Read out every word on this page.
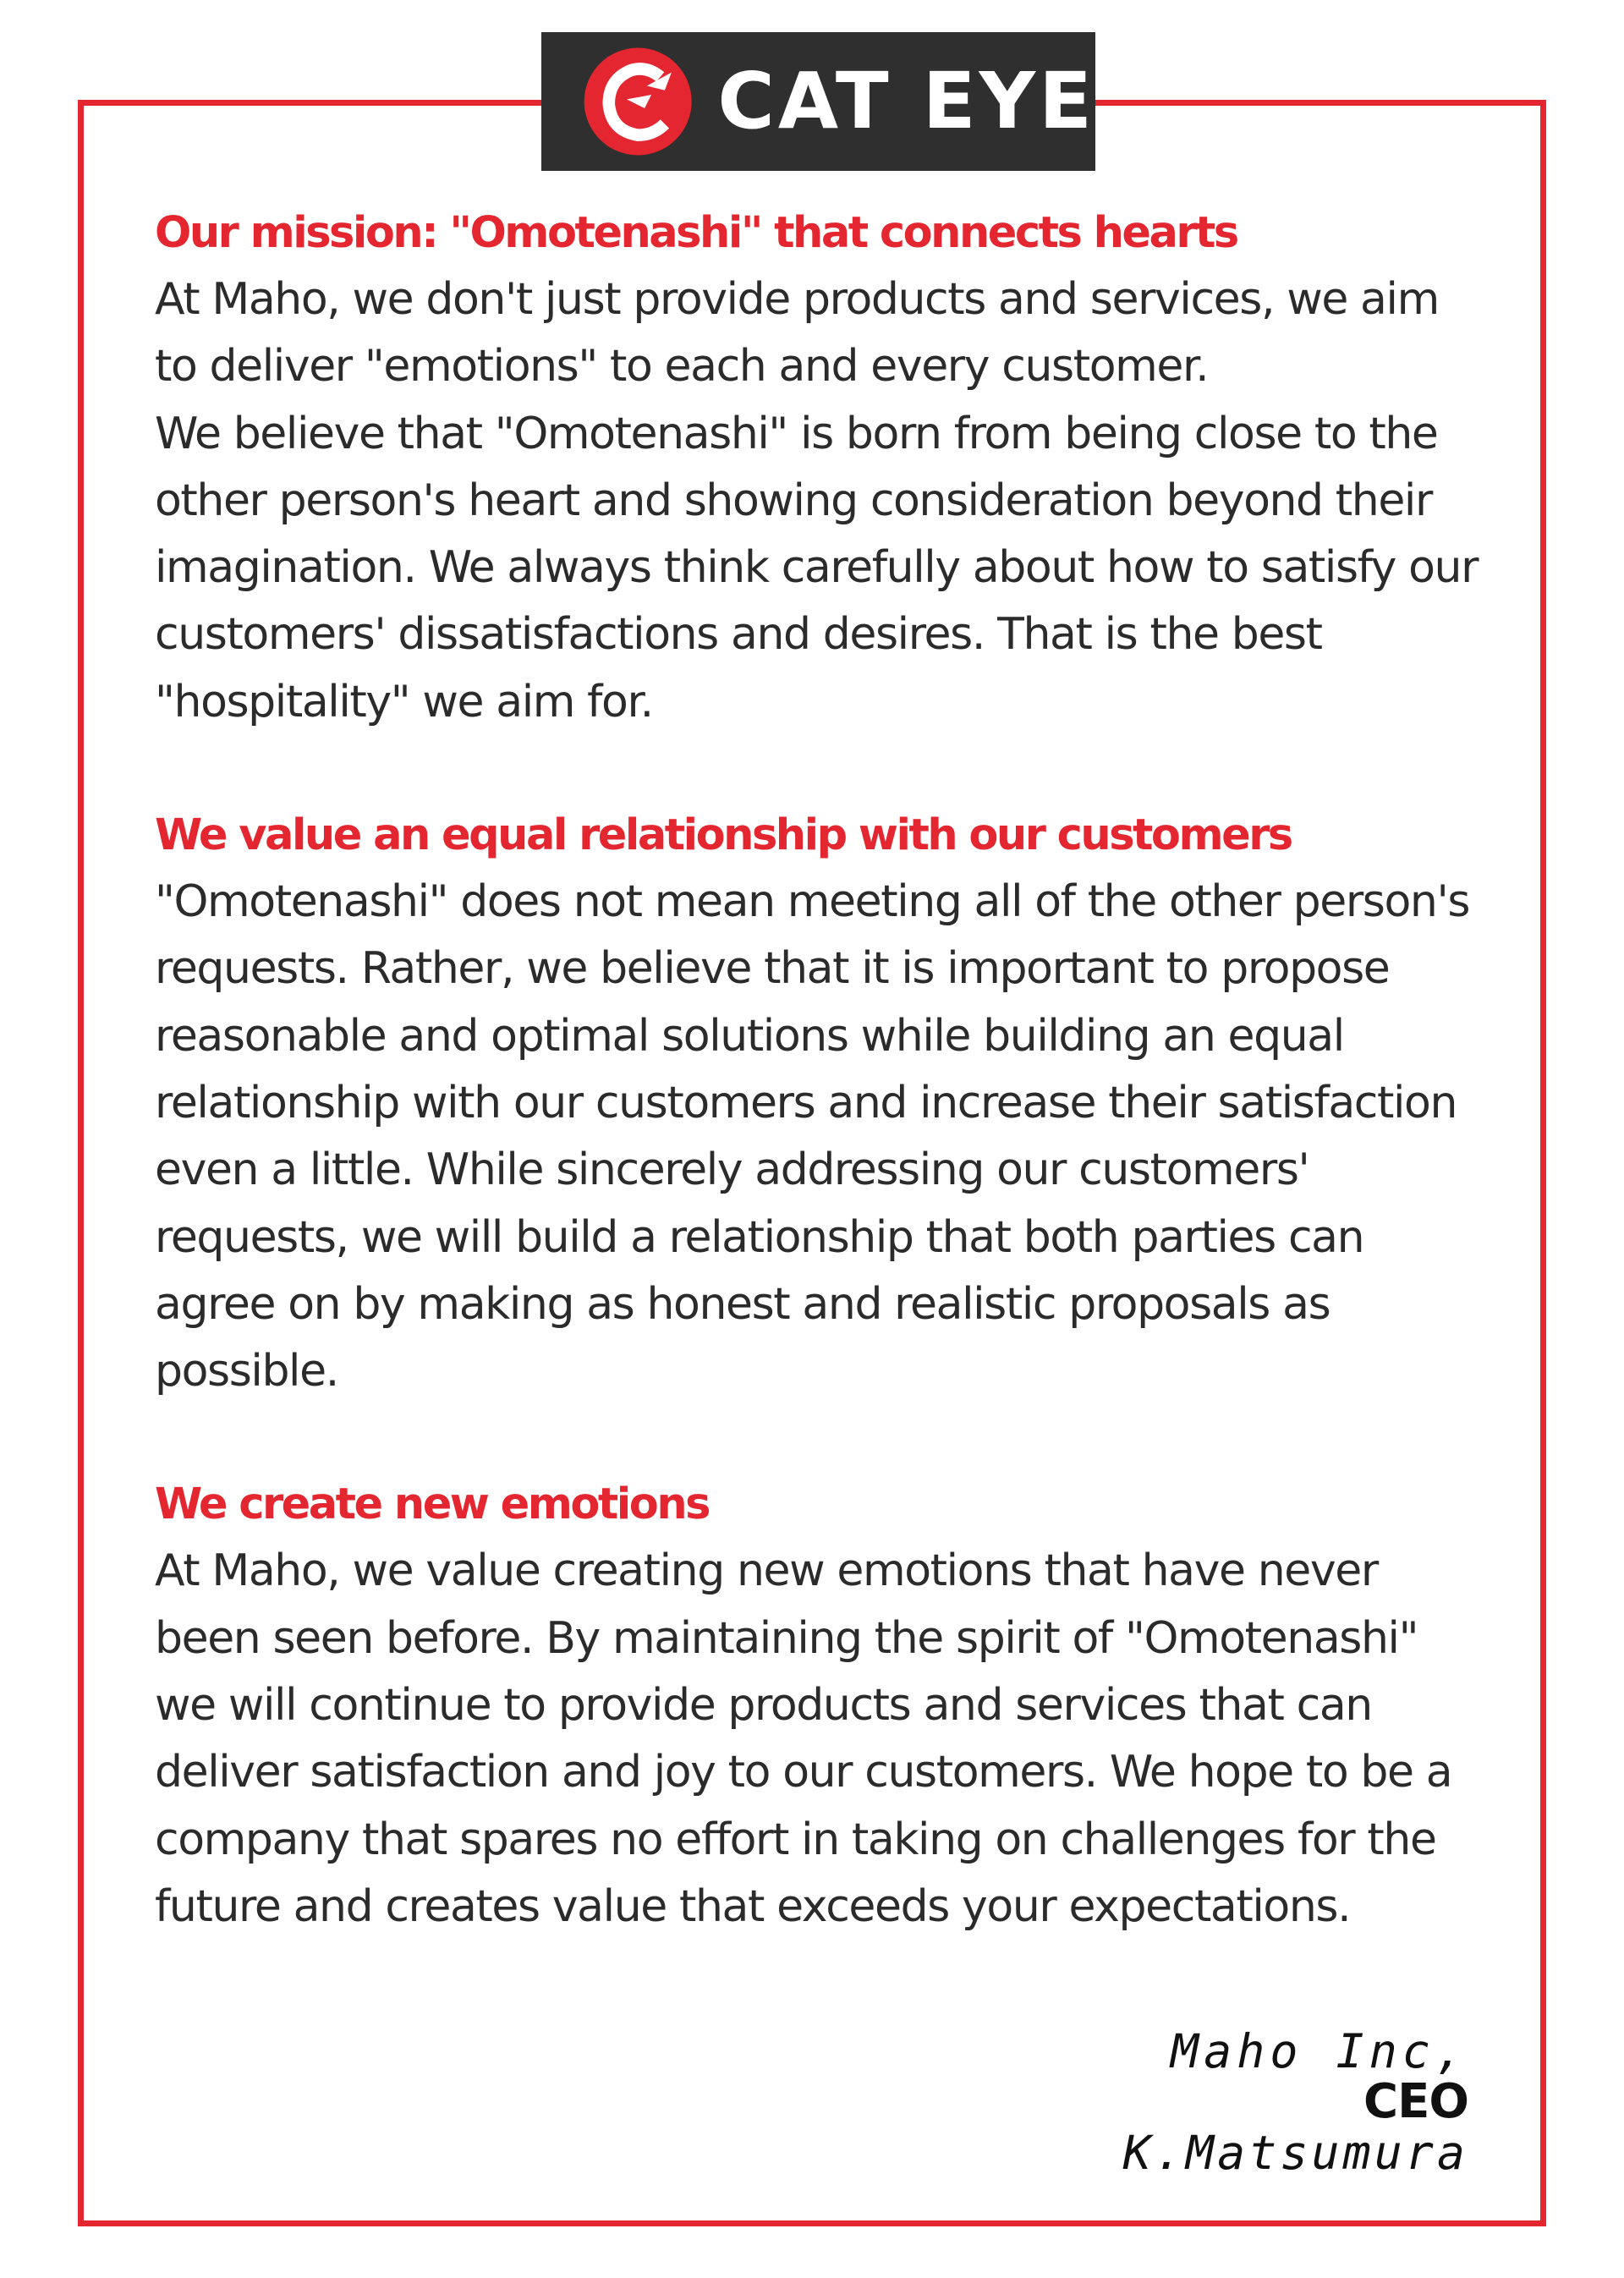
CAT EYE
Our mission: "Omotenashi" that connects hearts

At Maho, we don't just provide products and services, we aim
to deliver "emotions" to each and every customer.
We believe that "Omotenashi" is born from being close to the
other person's heart and showing consideration beyond their
imagination. We always think carefully about how to satisfy our
customers' dissatisfactions and desires. That is the best
"hospitality" we aim for.

We value an equal relationship with our customers

"Omotenashi" does not mean meeting all of the other person's
requests. Rather, we believe that it is important to propose
reasonable and optimal solutions while building an equal
relationship with our customers and increase their satisfaction
even a little. While sincerely addressing our customers'
requests, we will build a relationship that both parties can
agree on by making as honest and realistic proposals as
possible.

We create new emotions

At Maho, we value creating new emotions that have never
been seen before. By maintaining the spirit of "Omotenashi"
we will continue to provide products and services that can
deliver satisfaction and joy to our customers. We hope to be a
company that spares no effort in taking on challenges for the
future and creates value that exceeds your expectations.

Maho Inc,
CEO
K.Matsumura
